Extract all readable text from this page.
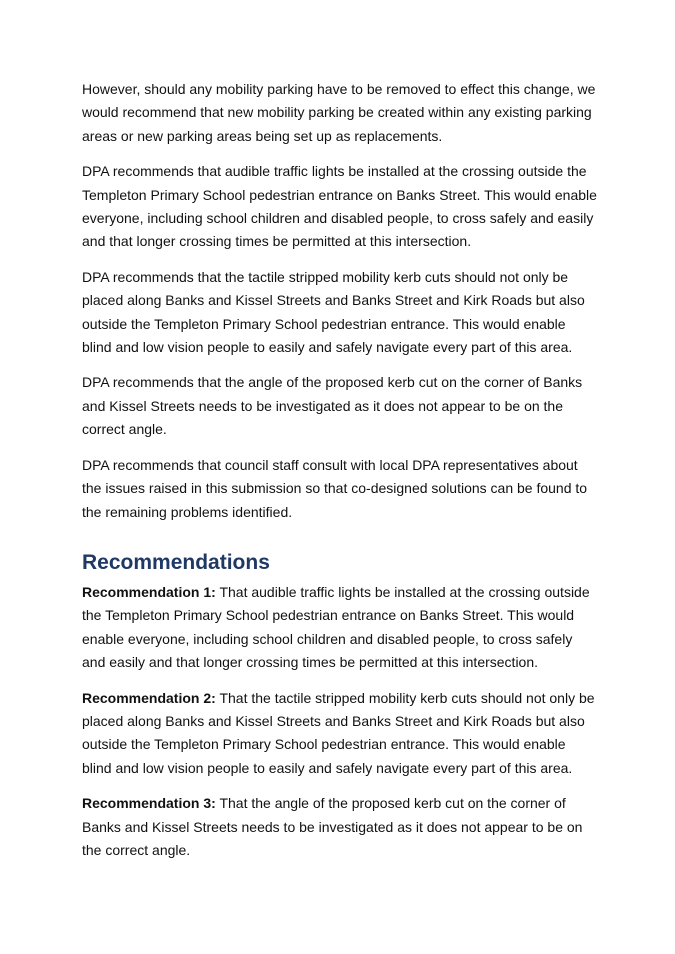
However, should any mobility parking have to be removed to effect this change, we would recommend that new mobility parking be created within any existing parking areas or new parking areas being set up as replacements.

DPA recommends that audible traffic lights be installed at the crossing outside the Templeton Primary School pedestrian entrance on Banks Street. This would enable everyone, including school children and disabled people, to cross safely and easily and that longer crossing times be permitted at this intersection.

DPA recommends that the tactile stripped mobility kerb cuts should not only be placed along Banks and Kissel Streets and Banks Street and Kirk Roads but also outside the Templeton Primary School pedestrian entrance. This would enable blind and low vision people to easily and safely navigate every part of this area.

DPA recommends that the angle of the proposed kerb cut on the corner of Banks and Kissel Streets needs to be investigated as it does not appear to be on the correct angle.

DPA recommends that council staff consult with local DPA representatives about the issues raised in this submission so that co-designed solutions can be found to the remaining problems identified.

Recommendations

Recommendation 1: That audible traffic lights be installed at the crossing outside the Templeton Primary School pedestrian entrance on Banks Street. This would enable everyone, including school children and disabled people, to cross safely and easily and that longer crossing times be permitted at this intersection.

Recommendation 2: That the tactile stripped mobility kerb cuts should not only be placed along Banks and Kissel Streets and Banks Street and Kirk Roads but also outside the Templeton Primary School pedestrian entrance. This would enable blind and low vision people to easily and safely navigate every part of this area.

Recommendation 3: That the angle of the proposed kerb cut on the corner of Banks and Kissel Streets needs to be investigated as it does not appear to be on the correct angle.
